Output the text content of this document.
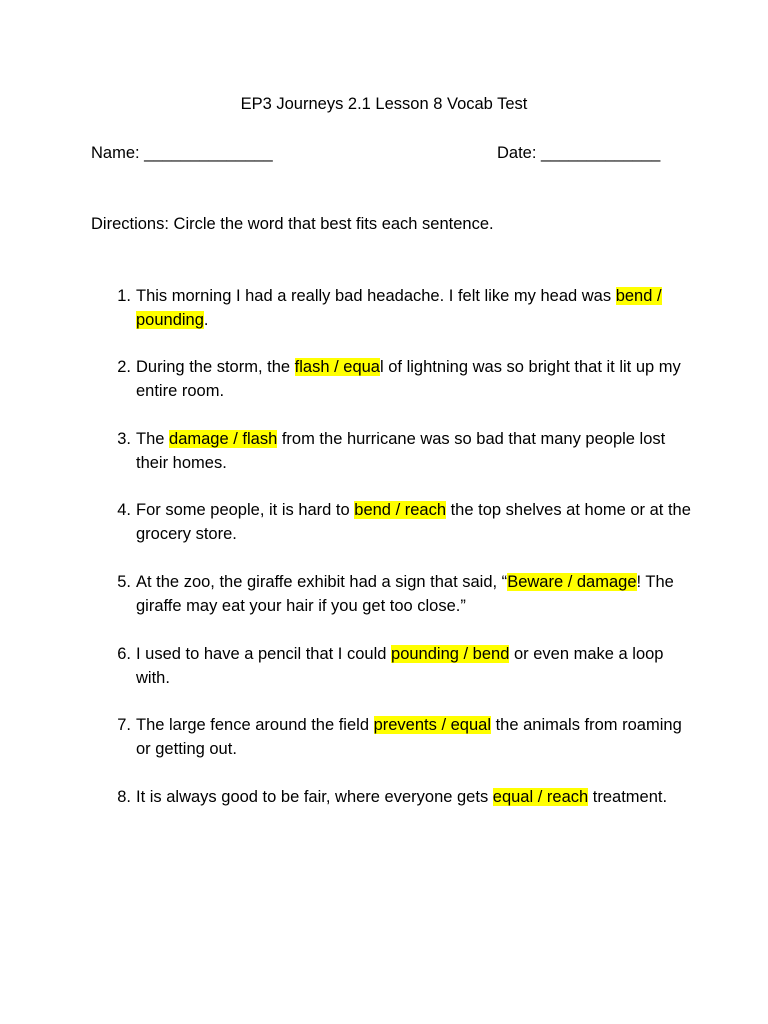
EP3 Journeys 2.1 Lesson 8 Vocab Test
Name: ______________	Date: _____________
Directions: Circle the word that best fits each sentence.
1. This morning I had a really bad headache. I felt like my head was bend / pounding.
2. During the storm, the flash / equal of lightning was so bright that it lit up my entire room.
3. The damage / flash from the hurricane was so bad that many people lost their homes.
4. For some people, it is hard to bend / reach the top shelves at home or at the grocery store.
5. At the zoo, the giraffe exhibit had a sign that said, “Beware / damage! The giraffe may eat your hair if you get too close.”
6. I used to have a pencil that I could pounding / bend or even make a loop with.
7. The large fence around the field prevents / equal the animals from roaming or getting out.
8. It is always good to be fair, where everyone gets equal / reach treatment.
